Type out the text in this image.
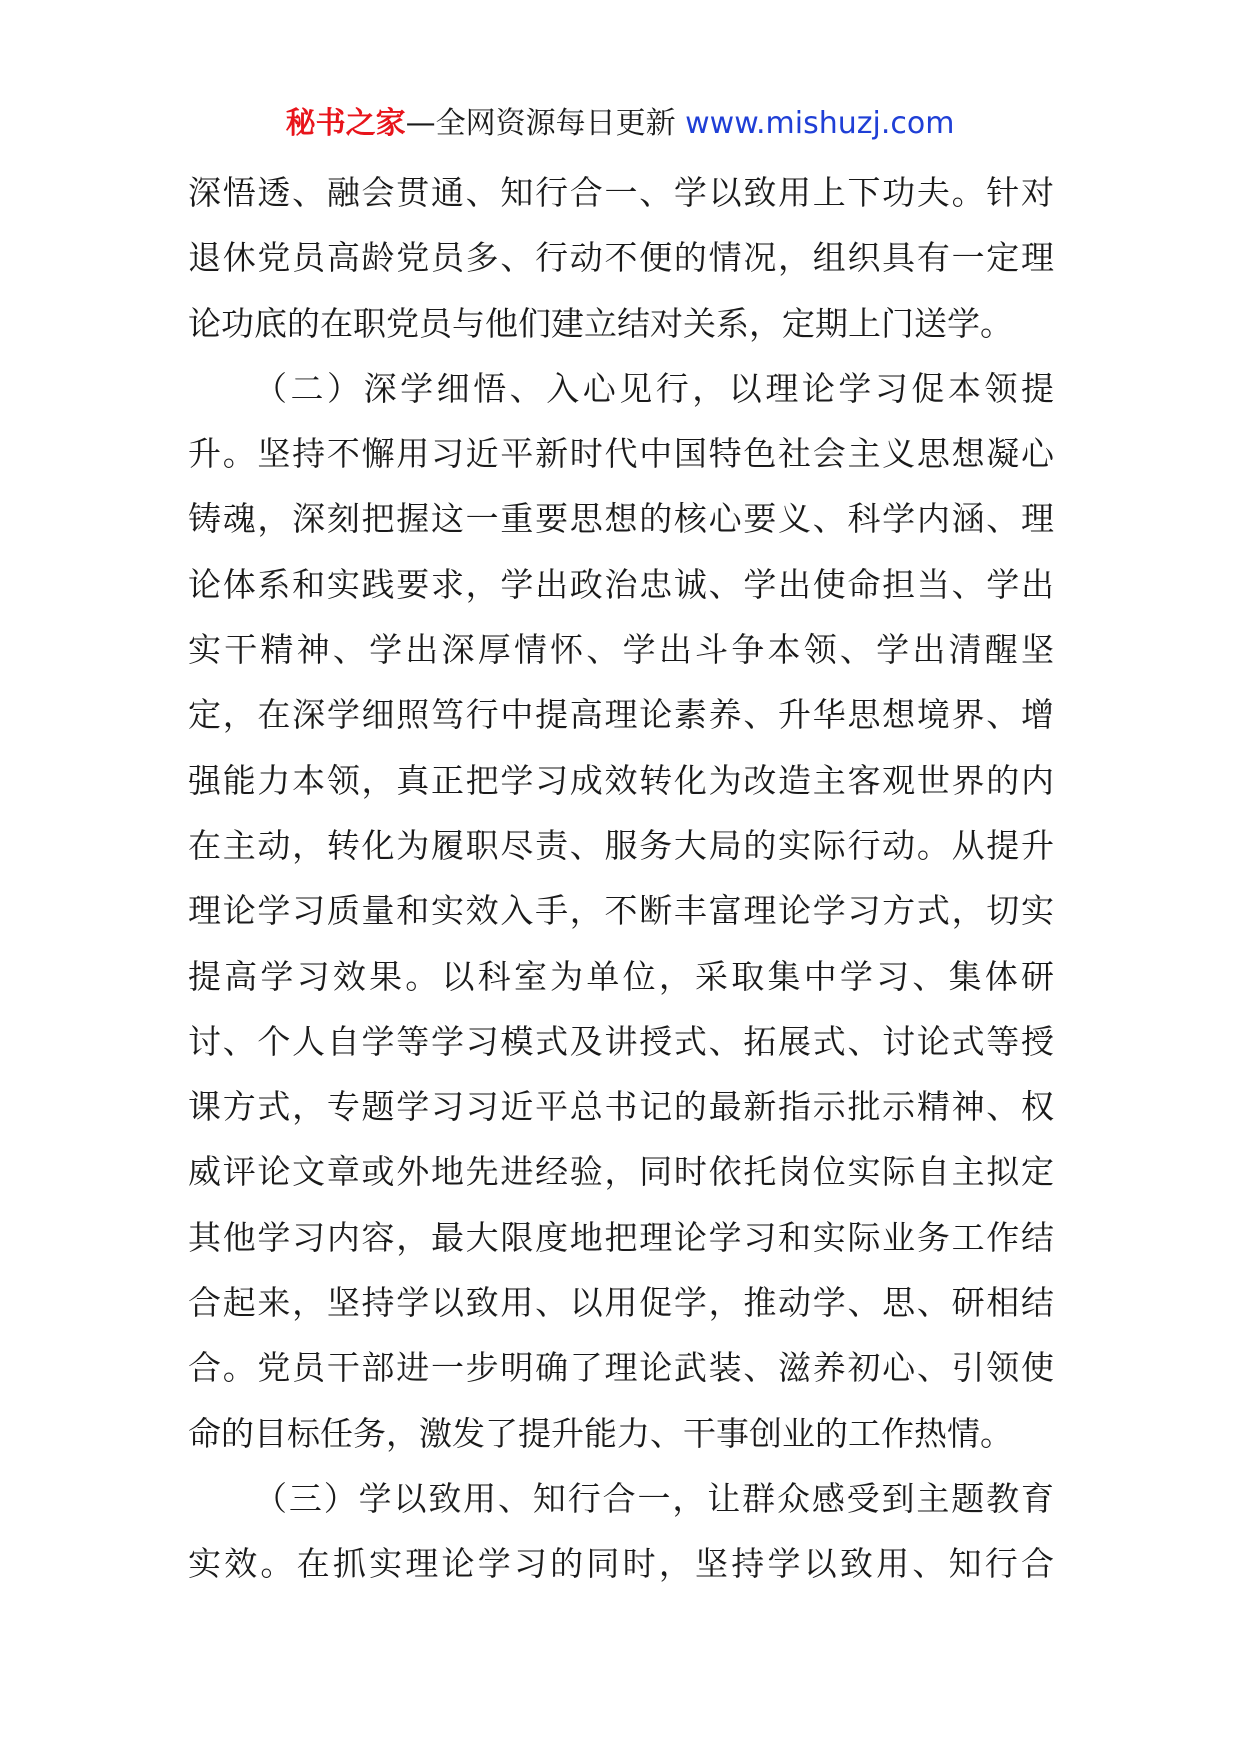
秘书之家—全网资源每日更新 www.mishuzj.com
深悟透、融会贯通、知行合一、学以致用上下功夫。针对
退休党员高龄党员多、行动不便的情况，组织具有一定理
论功底的在职党员与他们建立结对关系，定期上门送学。
（二）深学细悟、入心见行，以理论学习促本领提
升。坚持不懈用习近平新时代中国特色社会主义思想凝心
铸魂，深刻把握这一重要思想的核心要义、科学内涵、理
论体系和实践要求，学出政治忠诚、学出使命担当、学出
实干精神、学出深厚情怀、学出斗争本领、学出清醒坚
定，在深学细照笃行中提高理论素养、升华思想境界、增
强能力本领，真正把学习成效转化为改造主客观世界的内
在主动，转化为履职尽责、服务大局的实际行动。从提升
理论学习质量和实效入手，不断丰富理论学习方式，切实
提高学习效果。以科室为单位，采取集中学习、集体研
讨、个人自学等学习模式及讲授式、拓展式、讨论式等授
课方式，专题学习习近平总书记的最新指示批示精神、权
威评论文章或外地先进经验，同时依托岗位实际自主拟定
其他学习内容，最大限度地把理论学习和实际业务工作结
合起来，坚持学以致用、以用促学，推动学、思、研相结
合。党员干部进一步明确了理论武装、滋养初心、引领使
命的目标任务，激发了提升能力、干事创业的工作热情。
（三）学以致用、知行合一，让群众感受到主题教育
实效。在抓实理论学习的同时，坚持学以致用、知行合
